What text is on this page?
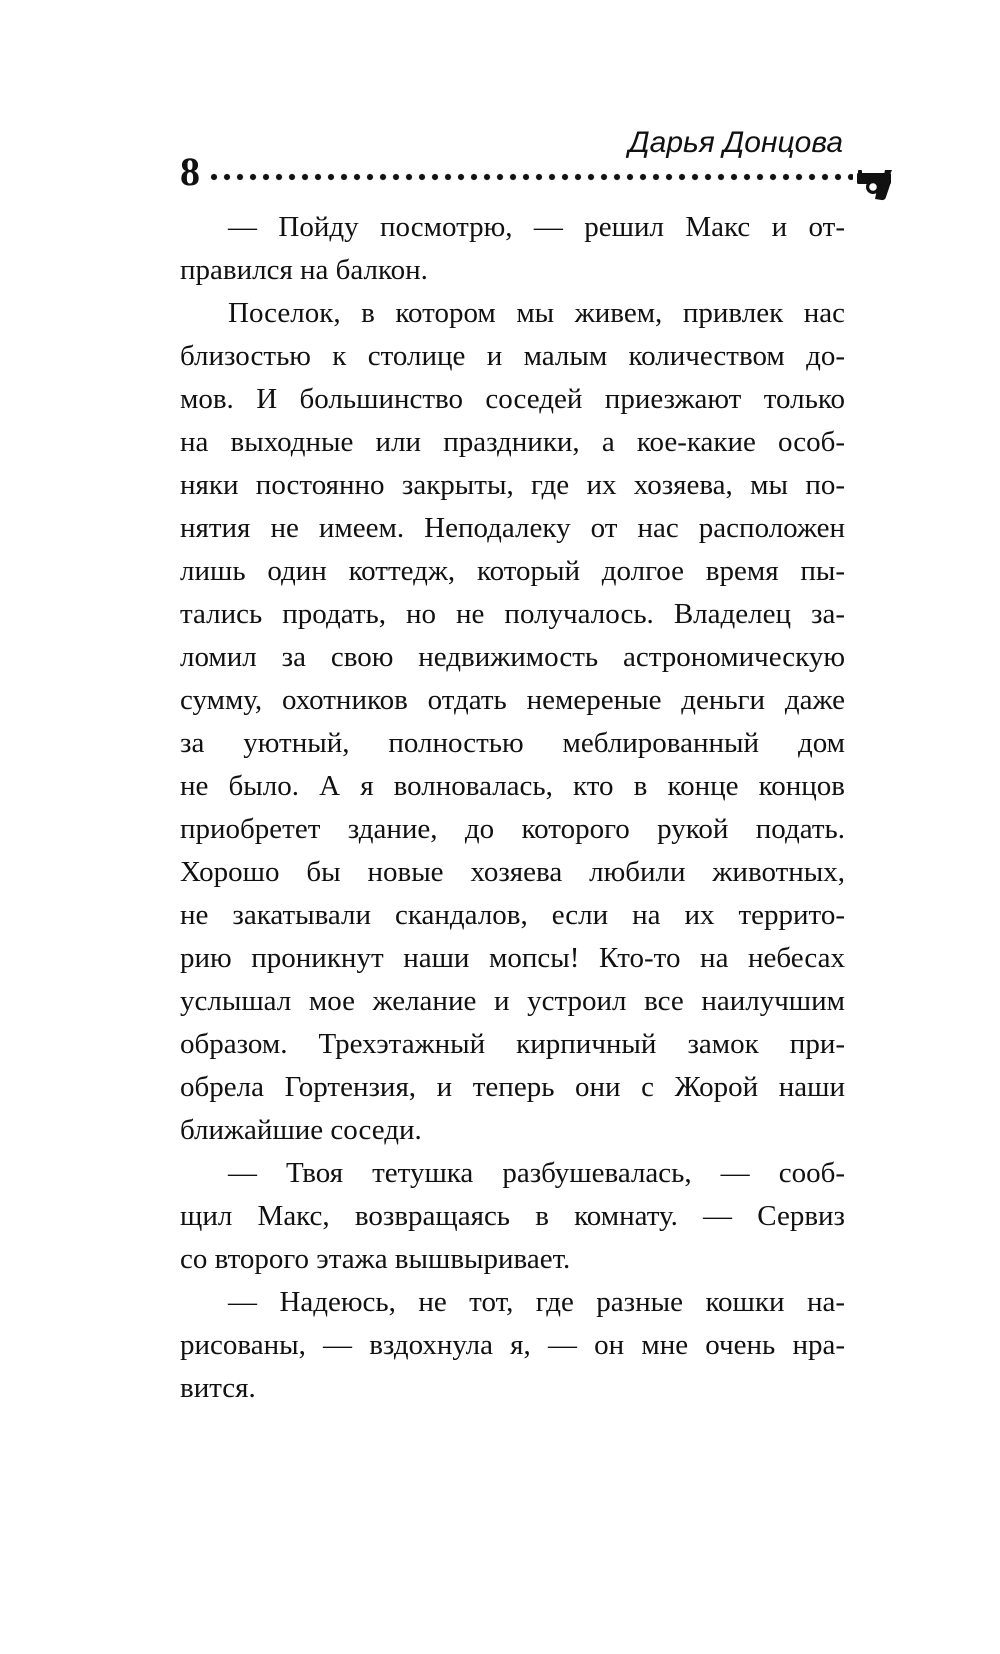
Дарья Донцова
8
— Пойду посмотрю, — решил Макс и от-
правился на балкон.
Поселок, в котором мы живем, привлек нас
близостью к столице и малым количеством до-
мов. И большинство соседей приезжают только
на выходные или праздники, а кое-какие особ-
няки постоянно закрыты, где их хозяева, мы по-
нятия не имеем. Неподалеку от нас расположен
лишь один коттедж, который долгое время пы-
тались продать, но не получалось. Владелец за-
ломил за свою недвижимость астрономическую
сумму, охотников отдать немереные деньги даже
за уютный, полностью меблированный дом
не было. А я волновалась, кто в конце концов
приобретет здание, до которого рукой подать.
Хорошо бы новые хозяева любили животных,
не закатывали скандалов, если на их террито-
рию проникнут наши мопсы! Кто-то на небесах
услышал мое желание и устроил все наилучшим
образом. Трехэтажный кирпичный замок при-
обрела Гортензия, и теперь они с Жорой наши
ближайшие соседи.
— Твоя тетушка разбушевалась, — сооб-
щил Макс, возвращаясь в комнату. — Сервиз
со второго этажа вышвыривает.
— Надеюсь, не тот, где разные кошки на-
рисованы, — вздохнула я, — он мне очень нра-
вится.
